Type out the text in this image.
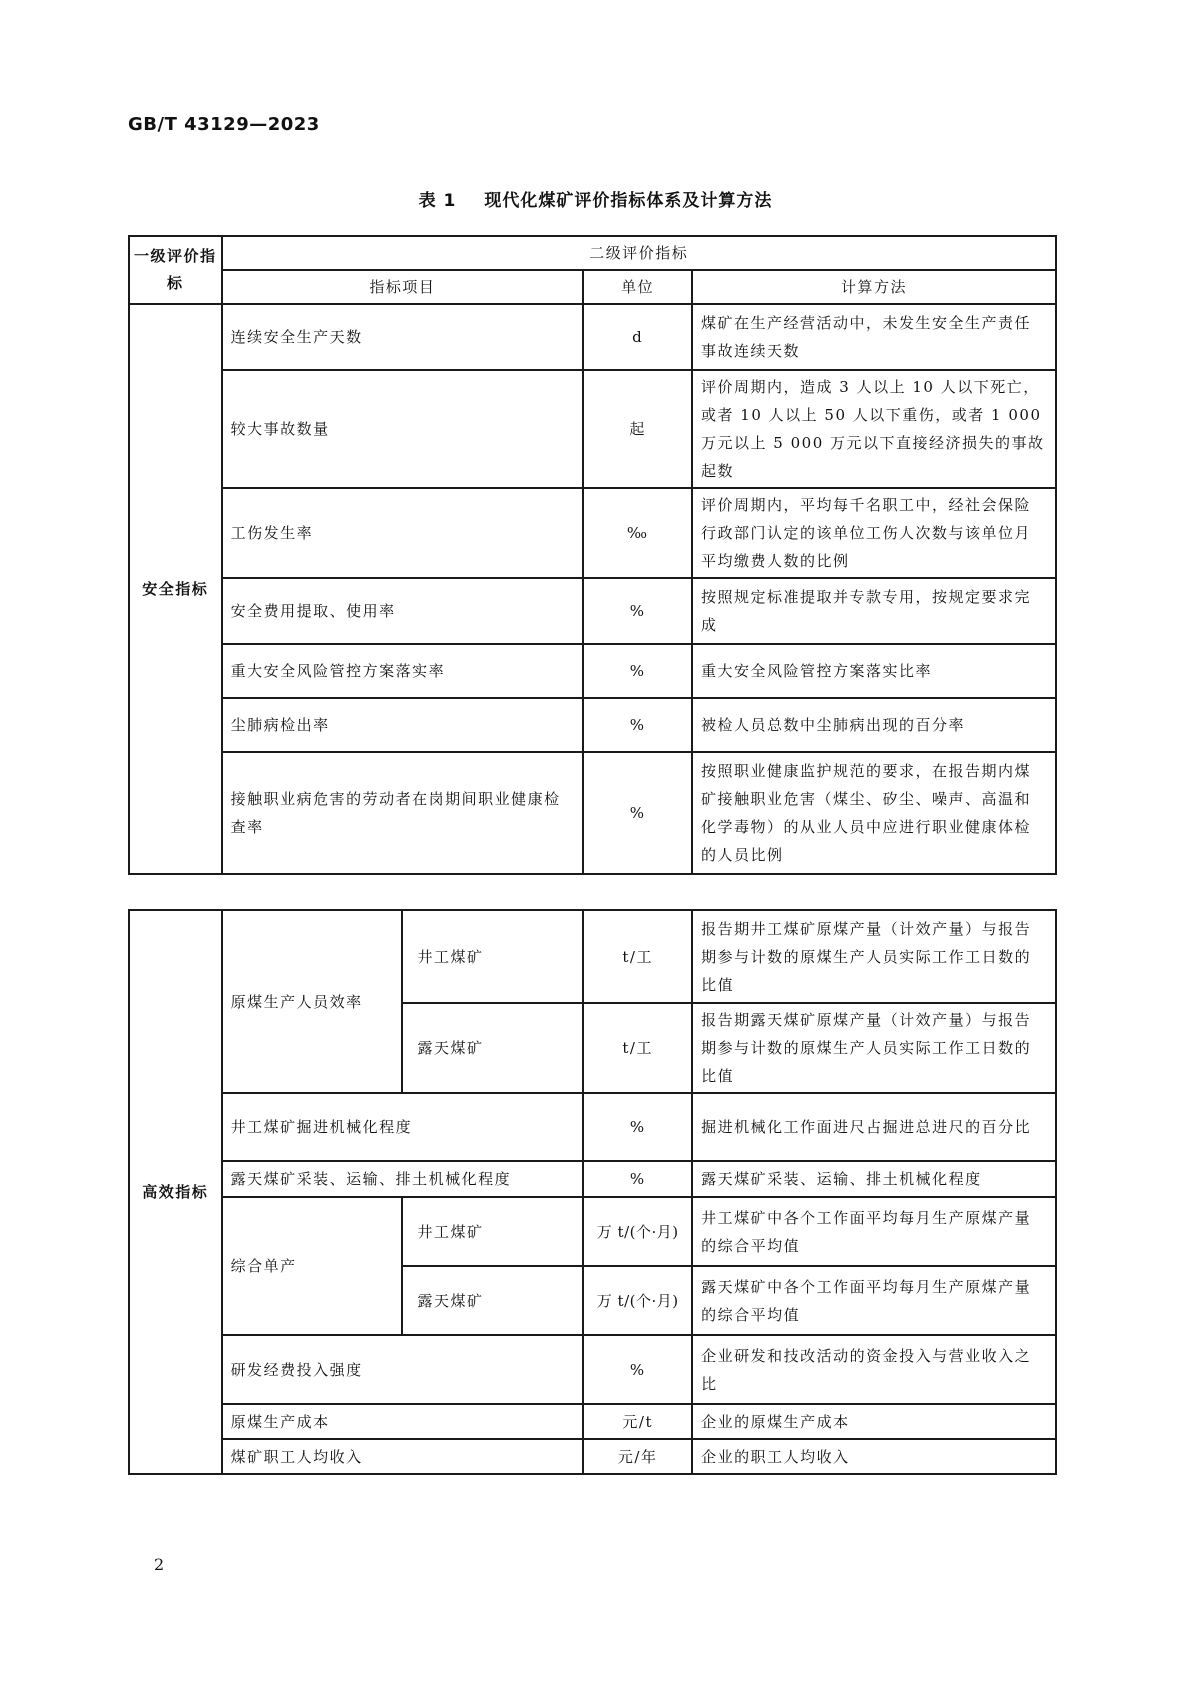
GB/T 43129—2023
表 1 现代化煤矿评价指标体系及计算方法
一级评价指标	二级评价指标		
	指标项目	单位	计算方法
安全指标	连续安全生产天数	d	煤矿在生产经营活动中，未发生安全生产责任事故连续天数
	较大事故数量	起	评价周期内，造成 3 人以上 10 人以下死亡，或者 10 人以上 50 人以下重伤，或者 1 000万元以上 5 000 万元以下直接经济损失的事故起数
	工伤发生率	‰	评价周期内，平均每千名职工中，经社会保险行政部门认定的该单位工伤人次数与该单位月平均缴费人数的比例
	安全费用提取、使用率	%	按照规定标准提取并专款专用，按规定要求完成
	重大安全风险管控方案落实率	%	重大安全风险管控方案落实比率
	尘肺病检出率	%	被检人员总数中尘肺病出现的百分率
	接触职业病危害的劳动者在岗期间职业健康检查率	%	按照职业健康监护规范的要求，在报告期内煤矿接触职业危害（煤尘、矽尘、噪声、高温和化学毒物）的从业人员中应进行职业健康体检的人员比例
高效指标	原煤生产人员效率	井工煤矿	t/工	报告期井工煤矿原煤产量（计效产量）与报告期参与计数的原煤生产人员实际工作工日数的比值
		露天煤矿	t/工	报告期露天煤矿原煤产量（计效产量）与报告期参与计数的原煤生产人员实际工作工日数的比值
	井工煤矿掘进机械化程度		%	掘进机械化工作面进尺占掘进总进尺的百分比
	露天煤矿采装、运输、排土机械化程度		%	露天煤矿采装、运输、排土机械化程度
	综合单产	井工煤矿	万 t/(个·月)	井工煤矿中各个工作面平均每月生产原煤产量的综合平均值
		露天煤矿	万 t/(个·月)	露天煤矿中各个工作面平均每月生产原煤产量的综合平均值
	研发经费投入强度		%	企业研发和技改活动的资金投入与营业收入之比
	原煤生产成本		元/t	企业的原煤生产成本
	煤矿职工人均收入		元/年	企业的职工人均收入
2
